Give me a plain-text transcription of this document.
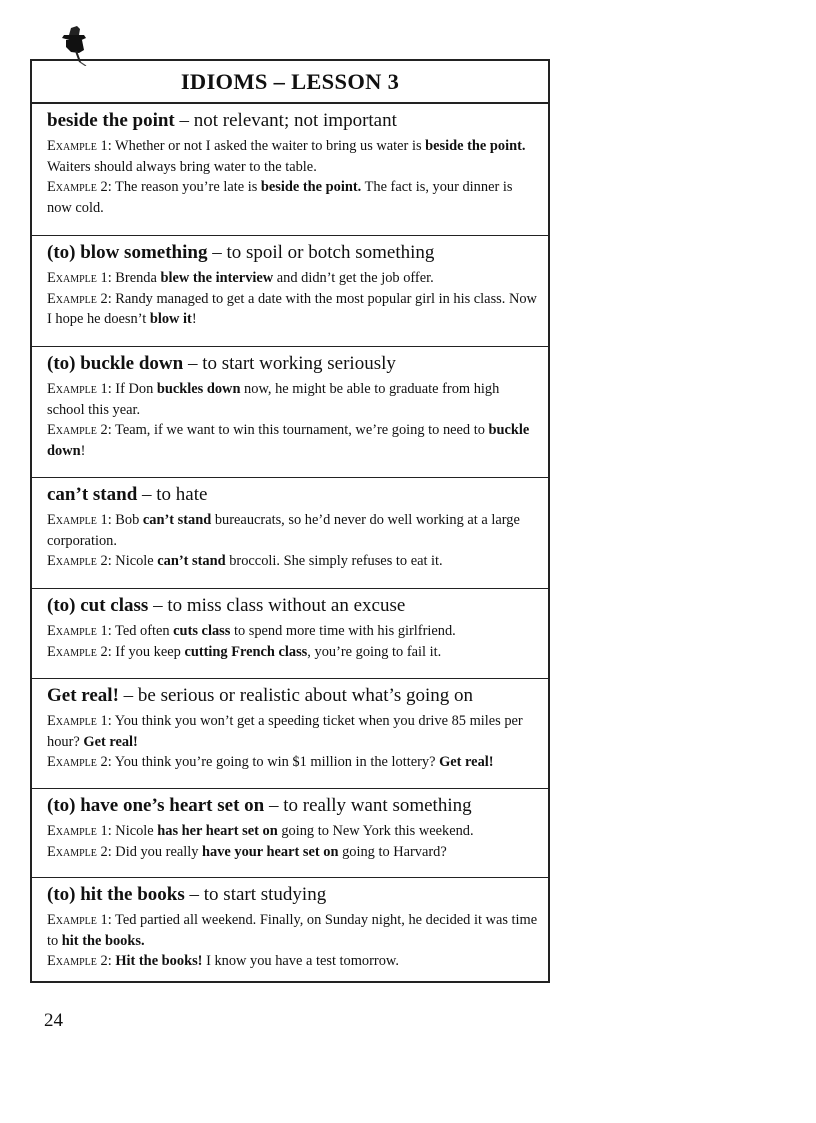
IDIOMS – LESSON 3
beside the point – not relevant; not important
Example 1: Whether or not I asked the waiter to bring us water is beside the point. Waiters should always bring water to the table.
Example 2: The reason you’re late is beside the point. The fact is, your dinner is now cold.
(to) blow something – to spoil or botch something
Example 1: Brenda blew the interview and didn’t get the job offer.
Example 2: Randy managed to get a date with the most popular girl in his class. Now I hope he doesn’t blow it!
(to) buckle down – to start working seriously
Example 1: If Don buckles down now, he might be able to graduate from high school this year.
Example 2: Team, if we want to win this tournament, we’re going to need to buckle down!
can’t stand – to hate
Example 1: Bob can’t stand bureaucrats, so he’d never do well working at a large corporation.
Example 2: Nicole can’t stand broccoli. She simply refuses to eat it.
(to) cut class – to miss class without an excuse
Example 1: Ted often cuts class to spend more time with his girlfriend.
Example 2: If you keep cutting French class, you’re going to fail it.
Get real! – be serious or realistic about what’s going on
Example 1: You think you won’t get a speeding ticket when you drive 85 miles per hour? Get real!
Example 2: You think you’re going to win $1 million in the lottery? Get real!
(to) have one’s heart set on – to really want something
Example 1: Nicole has her heart set on going to New York this weekend.
Example 2: Did you really have your heart set on going to Harvard?
(to) hit the books – to start studying
Example 1: Ted partied all weekend. Finally, on Sunday night, he decided it was time to hit the books.
Example 2: Hit the books! I know you have a test tomorrow.
24
